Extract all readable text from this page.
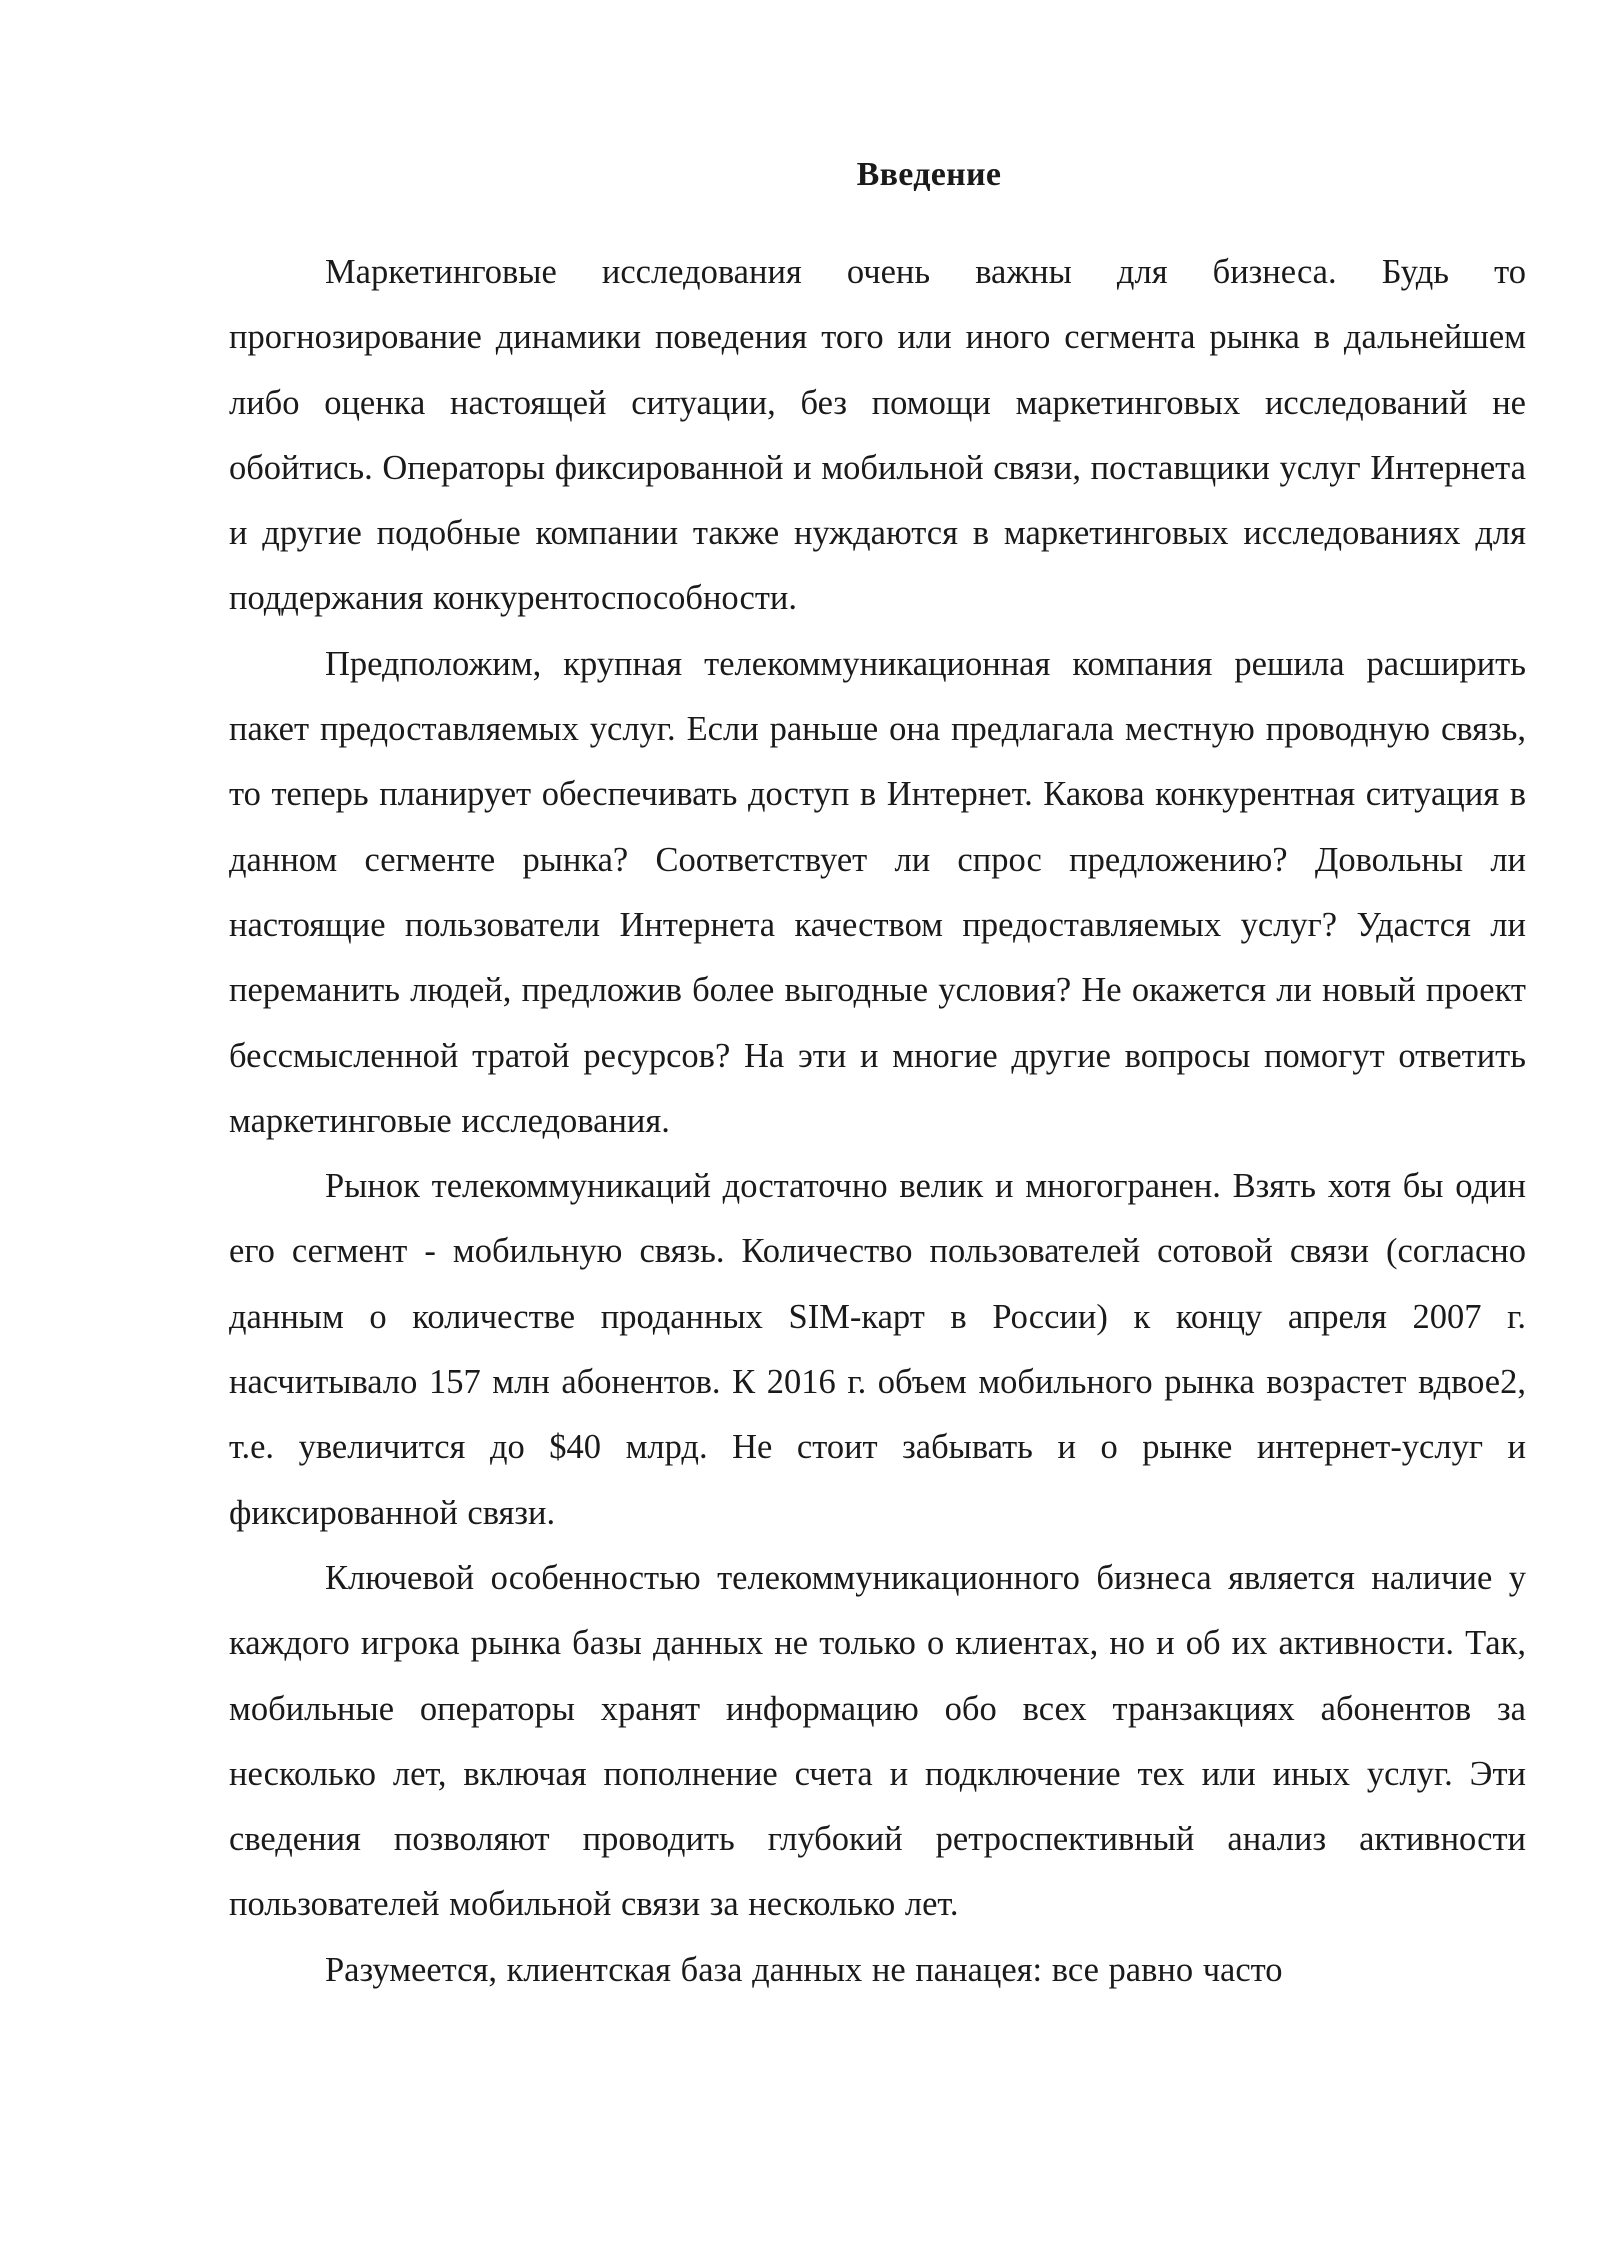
Введение

Маркетинговые исследования очень важны для бизнеса. Будь то прогнозирование динамики поведения того или иного сегмента рынка в дальнейшем либо оценка настоящей ситуации, без помощи маркетинговых исследований не обойтись. Операторы фиксированной и мобильной связи, поставщики услуг Интернета и другие подобные компании также нуждаются в маркетинговых исследованиях для поддержания конкурентоспособности.

Предположим, крупная телекоммуникационная компания решила расширить пакет предоставляемых услуг. Если раньше она предлагала местную проводную связь, то теперь планирует обеспечивать доступ в Интернет. Какова конкурентная ситуация в данном сегменте рынка? Соответствует ли спрос предложению? Довольны ли настоящие пользователи Интернета качеством предоставляемых услуг? Удастся ли переманить людей, предложив более выгодные условия? Не окажется ли новый проект бессмысленной тратой ресурсов? На эти и многие другие вопросы помогут ответить маркетинговые исследования.

Рынок телекоммуникаций достаточно велик и многогранен. Взять хотя бы один его сегмент - мобильную связь. Количество пользователей сотовой связи (согласно данным о количестве проданных SIM-карт в России) к концу апреля 2007 г. насчитывало 157 млн абонентов. К 2016 г. объем мобильного рынка возрастет вдвое2, т.е. увеличится до $40 млрд. Не стоит забывать и о рынке интернет-услуг и фиксированной связи.

Ключевой особенностью телекоммуникационного бизнеса является наличие у каждого игрока рынка базы данных не только о клиентах, но и об их активности. Так, мобильные операторы хранят информацию обо всех транзакциях абонентов за несколько лет, включая пополнение счета и подключение тех или иных услуг. Эти сведения позволяют проводить глубокий ретроспективный анализ активности пользователей мобильной связи за несколько лет.

Разумеется, клиентская база данных не панацея: все равно часто
